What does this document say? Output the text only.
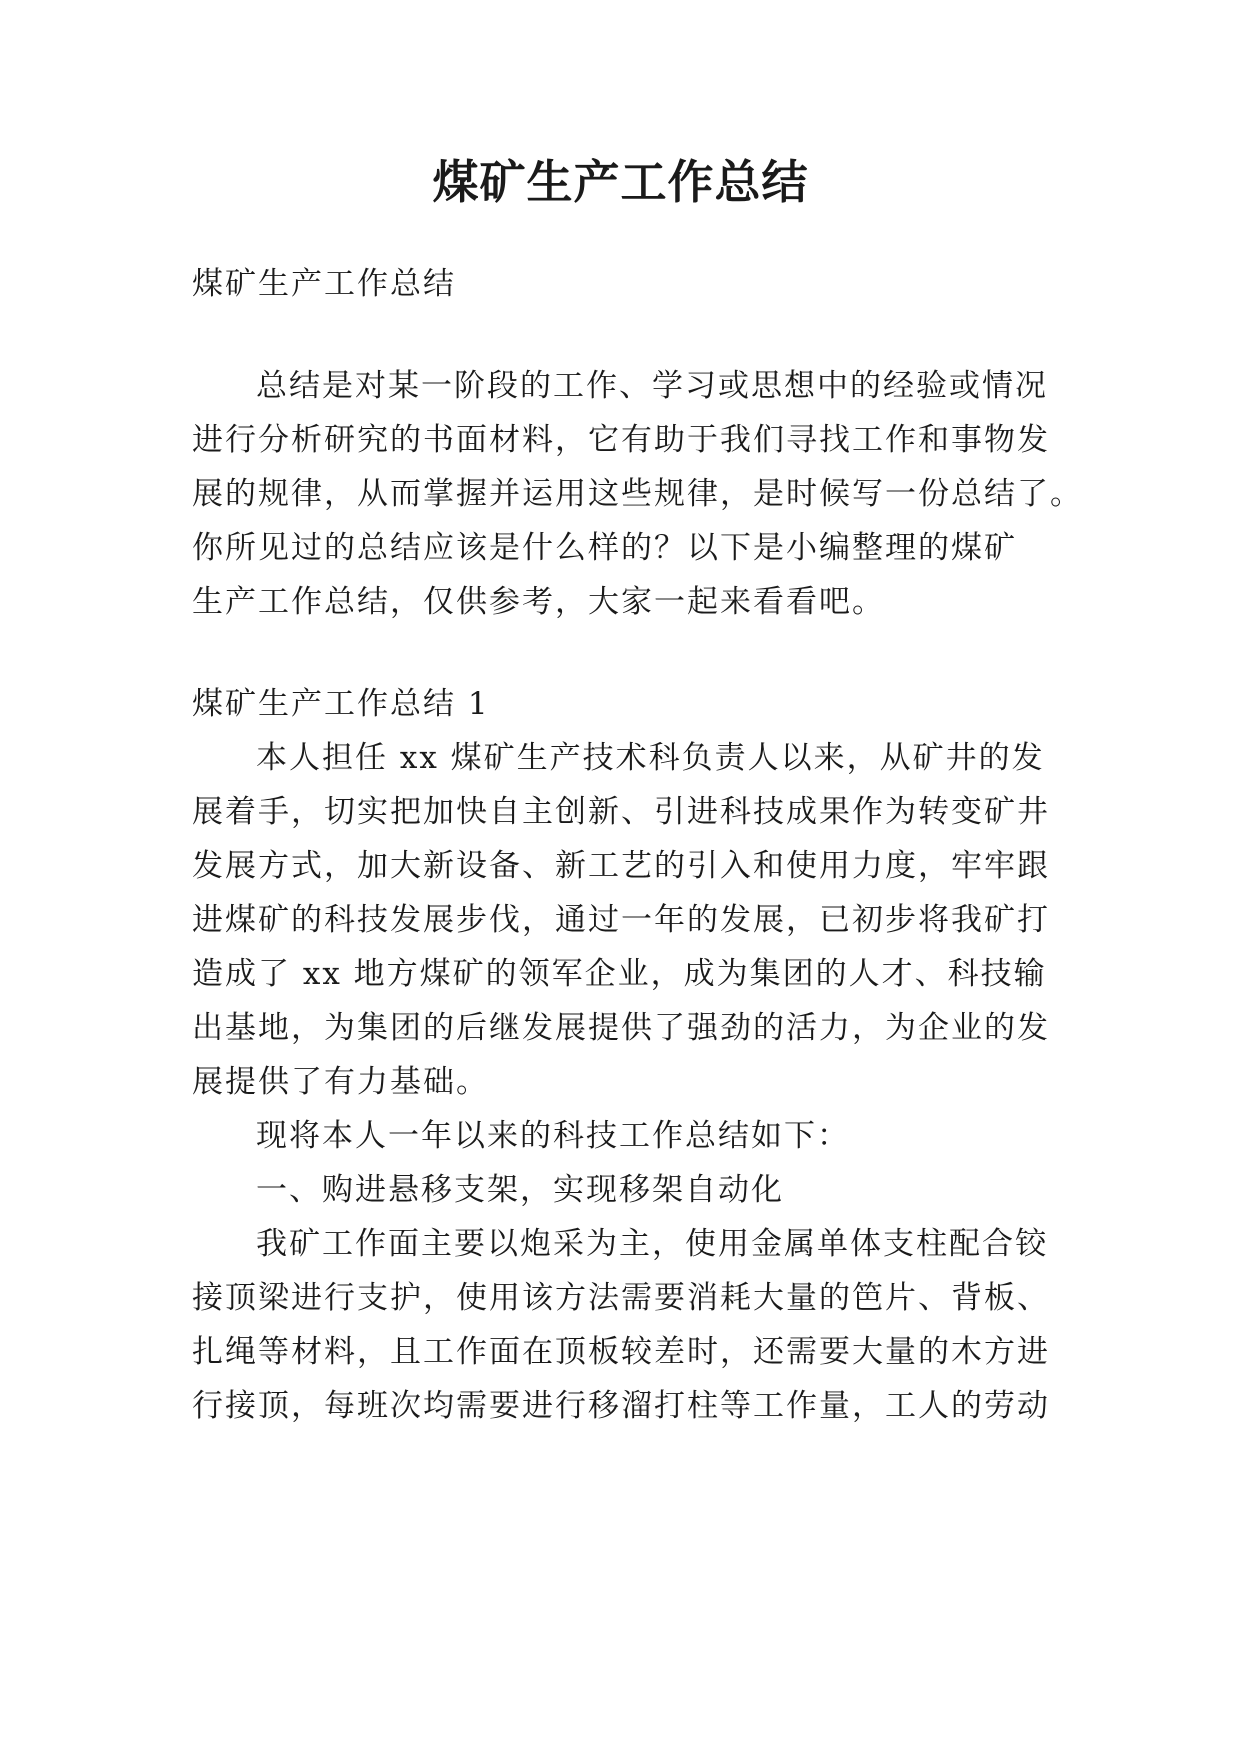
煤矿生产工作总结
煤矿生产工作总结
总结是对某一阶段的工作、学习或思想中的经验或情况
进行分析研究的书面材料，它有助于我们寻找工作和事物发
展的规律，从而掌握并运用这些规律，是时候写一份总结了。
你所见过的总结应该是什么样的？以下是小编整理的煤矿
生产工作总结，仅供参考，大家一起来看看吧。
煤矿生产工作总结 1
本人担任 xx 煤矿生产技术科负责人以来，从矿井的发
展着手，切实把加快自主创新、引进科技成果作为转变矿井
发展方式，加大新设备、新工艺的引入和使用力度，牢牢跟
进煤矿的科技发展步伐，通过一年的发展，已初步将我矿打
造成了 xx 地方煤矿的领军企业，成为集团的人才、科技输
出基地，为集团的后继发展提供了强劲的活力，为企业的发
展提供了有力基础。
现将本人一年以来的科技工作总结如下：
一、购进悬移支架，实现移架自动化
我矿工作面主要以炮采为主，使用金属单体支柱配合铰
接顶梁进行支护，使用该方法需要消耗大量的笆片、背板、
扎绳等材料，且工作面在顶板较差时，还需要大量的木方进
行接顶，每班次均需要进行移溜打柱等工作量，工人的劳动
